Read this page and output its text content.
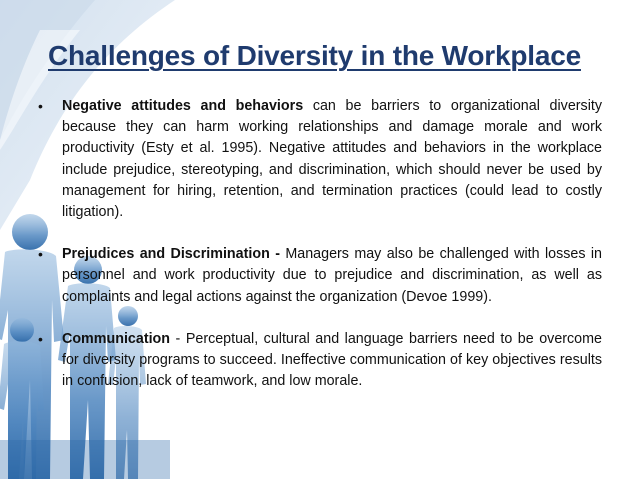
Challenges of Diversity in the Workplace
• Negative attitudes and behaviors can be barriers to organizational diversity because they can harm working relationships and damage morale and work productivity (Esty et al. 1995). Negative attitudes and behaviors in the workplace include prejudice, stereotyping, and discrimination, which should never be used by management for hiring, retention, and termination practices (could lead to costly litigation).
• Prejudices and Discrimination - Managers may also be challenged with losses in personnel and work productivity due to prejudice and discrimination, as well as complaints and legal actions against the organization (Devoe 1999).
• Communication - Perceptual, cultural and language barriers need to be overcome for diversity programs to succeed. Ineffective communication of key objectives results in confusion, lack of teamwork, and low morale.
